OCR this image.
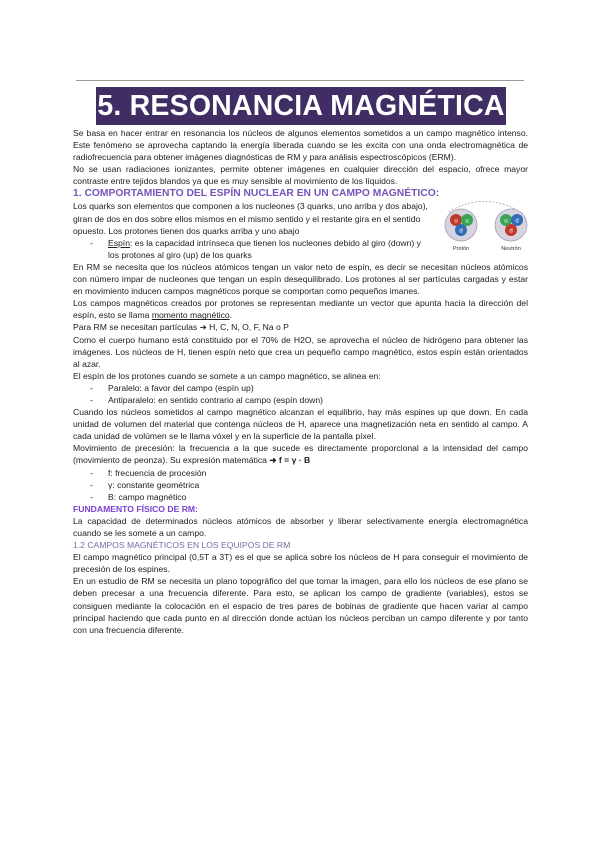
5. RESONANCIA MAGNÉTICA

Se basa en hacer entrar en resonancia los núcleos de algunos elementos sometidos a un campo magnético intenso. Este fenómeno se aprovecha captando la energía liberada cuando se les excita con una onda electromagnética de radiofrecuencia para obtener imágenes diagnósticas de RM y para análisis espectroscópicos (ERM).

No se usan radiaciones ionizantes, permite obtener imágenes en cualquier dirección del espacio, ofrece mayor contraste entre tejidos blandos ya que es muy sensible al movimiento de los líquidos.

1. COMPORTAMIENTO DEL ESPÍN NUCLEAR EN UN CAMPO MAGNÉTICO:

u u
d
u d
d
Protón	Neutrón

Los quarks son elementos que componen a los nucleones (3 quarks, uno arriba y dos abajo), giran de dos en dos sobre ellos mismos en el mismo sentido y el restante gira en el sentido opuesto. Los protones tienen dos quarks arriba y uno abajo

- Espín: es la capacidad intrínseca que tienen los nucleones debido al giro (down) y los protones al giro (up) de los quarks

En RM se necesita que los núcleos atómicos tengan un valor neto de espín, es decir se necesitan núcleos atómicos con número impar de nucleones que tengan un espín desequilibrado. Los protones al ser partículas cargadas y estar en movimiento inducen campos magnéticos porque se comportan como pequeños imanes.

Los campos magnéticos creados por protones se representan mediante un vector que apunta hacia la dirección del espín, esto se llama momento magnético.

Para RM se necesitan partículas ➜ H, C, N, O, F, Na o P

Como el cuerpo humano está constituido por el 70% de H2O, se aprovecha el núcleo de hidrógeno para obtener las imágenes. Los núcleos de H, tienen espín neto que crea un pequeño campo magnético, estos espín están orientados al azar.

El espín de los protones cuando se somete a un campo magnético, se alinea en:

- Paralelo: a favor del campo (espín up)

- Antiparalelo: en sentido contrario al campo (espín down)

Cuando los núcleos sometidos al campo magnético alcanzan el equilibrio, hay más espines up que down. En cada unidad de volumen del material que contenga núcleos de H, aparece una magnetización neta en sentido al campo. A cada unidad de volúmen se le llama vóxel y en la superficie de la pantalla píxel.

Movimiento de precesión: la frecuencia a la que sucede es directamente proporcional a la intensidad del campo (movimiento de peonza). Su expresión matemática ➜ f = γ · B

- f: frecuencia de procesión

- γ: constante geométrica

- B: campo magnético

FUNDAMENTO FÍSICO DE RM:

La capacidad de determinados núcleos atómicos de absorber y liberar selectivamente energía electromagnética cuando se les somete a un campo.

1.2 CAMPOS MAGNÉTICOS EN LOS EQUIPOS DE RM

El campo magnético principal (0,5T a 3T) es el que se aplica sobre los núcleos de H para conseguir el movimiento de precesión de los espines.

En un estudio de RM se necesita un plano topográfico del que tomar la imagen, para ello los núcleos de ese plano se deben precesar a una frecuencia diferente. Para esto, se aplican los campo de gradiente (variables), estos se consiguen mediante la colocación en el espacio de tres pares de bobinas de gradiente que hacen variar al campo principal haciendo que cada punto en al dirección donde actúan los núcleos perciban un campo diferente y por tanto con una frecuencia diferente.
